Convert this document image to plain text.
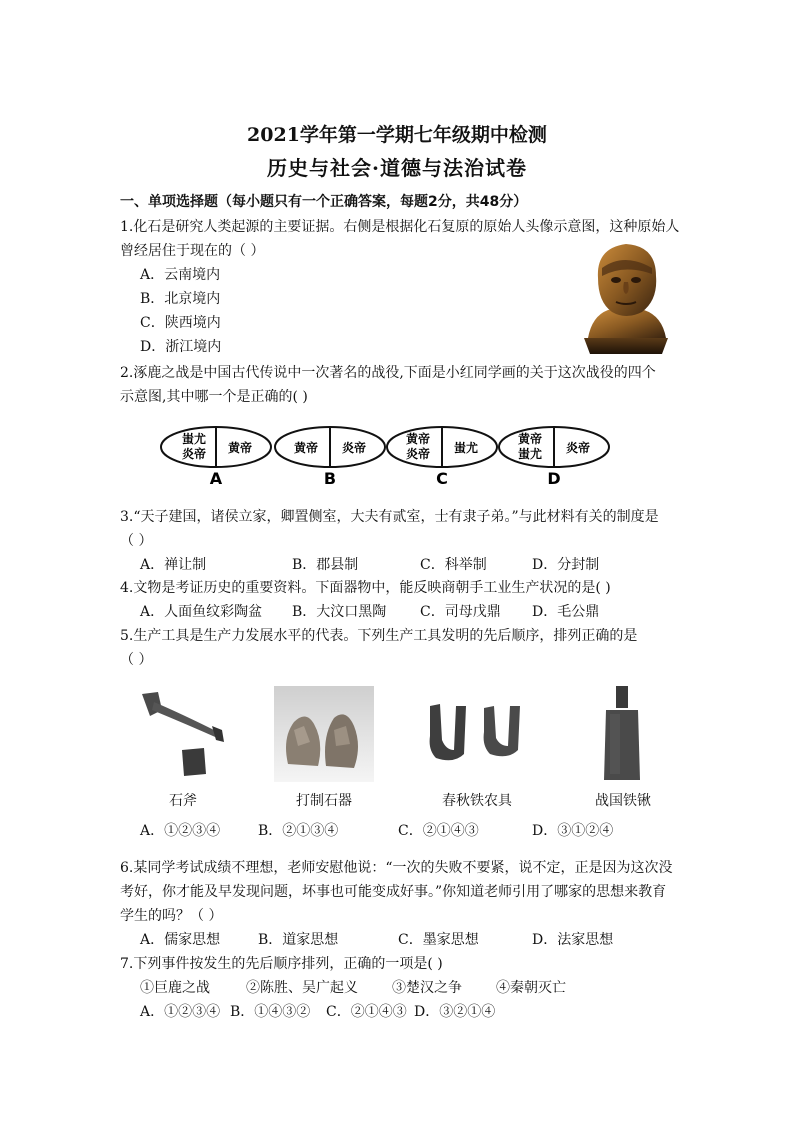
2021学年第一学期七年级期中检测
历史与社会·道德与法治试卷
一、单项选择题（每小题只有一个正确答案，每题2分，共48分）
1.化石是研究人类起源的主要证据。右侧是根据化石复原的原始人头像示意图，这种原始人
曾经居住于现在的（ ）
A．云南境内
B．北京境内
C．陕西境内
D．浙江境内
2.涿鹿之战是中国古代传说中一次著名的战役,下面是小红同学画的关于这次战役的四个
示意图,其中哪一个是正确的( )
蚩尤
炎帝 黄帝
A
黄帝 炎帝
B
黄帝
炎帝 蚩尤
C
黄帝
蚩尤 炎帝
D
3.“天子建国，诸侯立家，卿置侧室，大夫有贰室，士有隶子弟。”与此材料有关的制度是
（ ）
A．禅让制	B．郡县制	C．科举制	D．分封制
4.文物是考证历史的重要资料。下面器物中，能反映商朝手工业生产状况的是( )
A．人面鱼纹彩陶盆 B．大汶口黑陶 C．司母戊鼎 D．毛公鼎
5.生产工具是生产力发展水平的代表。下列生产工具发明的先后顺序，排列正确的是
（ ）
石斧	打制石器	春秋铁农具	战国铁锹
A．①②③④	B．②①③④	C．②①④③	D．③①②④
6.某同学考试成绩不理想，老师安慰他说：“一次的失败不要紧，说不定，正是因为这次没
考好，你才能及早发现问题，坏事也可能变成好事。”你知道老师引用了哪家的思想来教育
学生的吗？（ ）
A．儒家思想	B．道家思想	C．墨家思想	D．法家思想
7.下列事件按发生的先后顺序排列，正确的一项是( )
①巨鹿之战	②陈胜、吴广起义 ③楚汉之争 ④秦朝灭亡
A．①②③④ B．①④③② C．②①④③ D．③②①④
